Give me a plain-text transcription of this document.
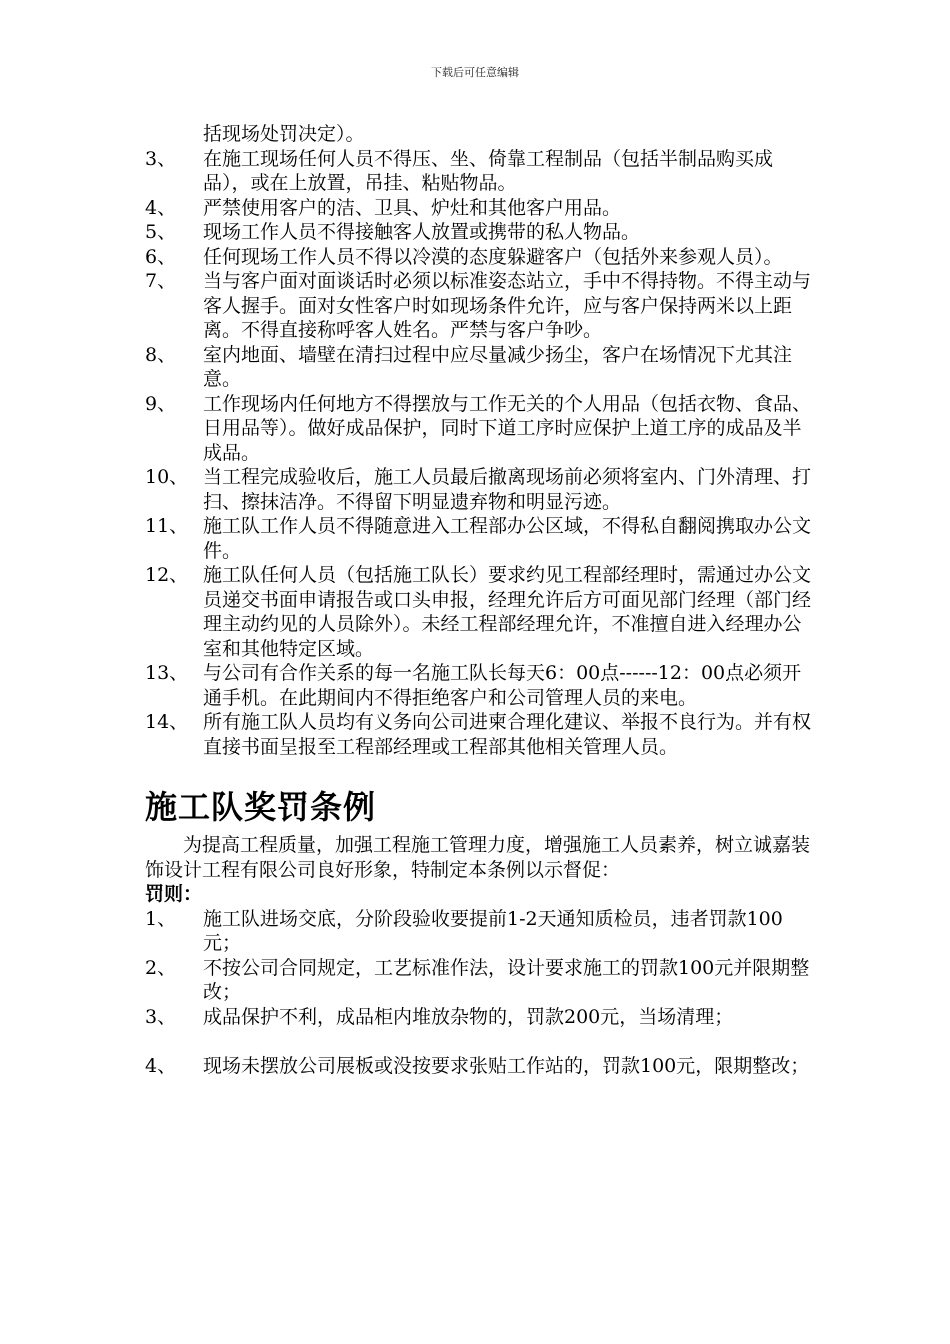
下载后可任意编辑
括现场处罚决定）。
3、	在施工现场任何人员不得压、坐、倚靠工程制品（包括半制品购买成品），或在上放置，吊挂、粘贴物品。
4、	严禁使用客户的洁、卫具、炉灶和其他客户用品。
5、	现场工作人员不得接触客人放置或携带的私人物品。
6、	任何现场工作人员不得以冷漠的态度躲避客户（包括外来参观人员）。
7、	当与客户面对面谈话时必须以标准姿态站立，手中不得持物。不得主动与客人握手。面对女性客户时如现场条件允许，应与客户保持两米以上距离。不得直接称呼客人姓名。严禁与客户争吵。
8、	室内地面、墙壁在清扫过程中应尽量减少扬尘，客户在场情况下尤其注意。
9、	工作现场内任何地方不得摆放与工作无关的个人用品（包括衣物、食品、日用品等）。做好成品保护，同时下道工序时应保护上道工序的成品及半成品。
10、 当工程完成验收后，施工人员最后撤离现场前必须将室内、门外清理、打扫、擦抹洁净。不得留下明显遗弃物和明显污迹。
11、 施工队工作人员不得随意进入工程部办公区域，不得私自翻阅携取办公文件。
12、 施工队任何人员（包括施工队长）要求约见工程部经理时，需通过办公文员递交书面申请报告或口头申报，经理允许后方可面见部门经理（部门经理主动约见的人员除外）。未经工程部经理允许，不准擅自进入经理办公室和其他特定区域。
13、 与公司有合作关系的每一名施工队长每天6：00点------12：00点必须开通手机。在此期间内不得拒绝客户和公司管理人员的来电。
14、 所有施工队人员均有义务向公司进柬合理化建议、举报不良行为。并有权直接书面呈报至工程部经理或工程部其他相关管理人员。
施工队奖罚条例
为提高工程质量，加强工程施工管理力度，增强施工人员素养，树立诚嘉装饰设计工程有限公司良好形象，特制定本条例以示督促：
罚则：
1、	施工队进场交底，分阶段验收要提前1-2天通知质检员，违者罚款100元；
2、	不按公司合同规定，工艺标准作法，设计要求施工的罚款100元并限期整改；
3、	成品保护不利，成品柜内堆放杂物的，罚款200元，当场清理；
4、	现场未摆放公司展板或没按要求张贴工作站的，罚款100元，限期整改；
